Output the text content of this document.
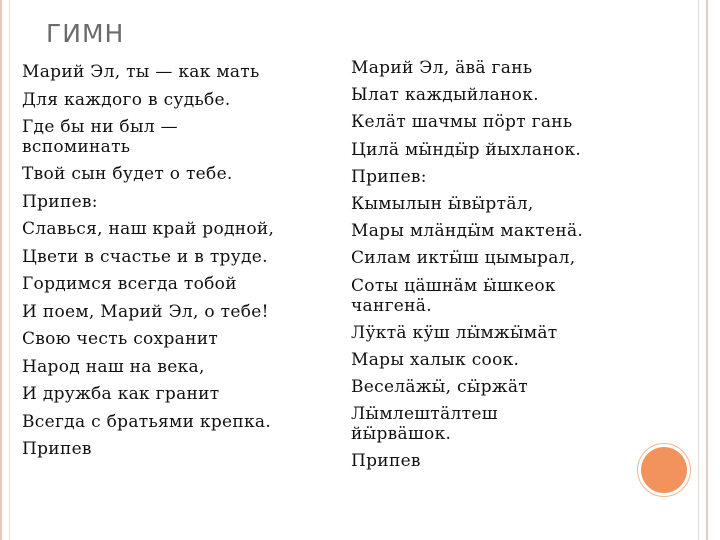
ГИМН
Марий Эл, ты — как мать
Для каждого в судьбе.
Где бы ни был —
вспоминать
Твой сын будет о тебе.
Припев:
Славься, наш край родной,
Цвети в счастье и в труде.
Гордимся всегда тобой
И поем, Марий Эл, о тебе!
Свою честь сохранит
Народ наш на века,
И дружба как гранит
Всегда с братьями крепка.
Припев
Марий Эл, ӓвӓ гань
Ылат каждыйланок.
Келӓт шачмы пӧрт гань
Цилӓ мӹндӹр йыхланок.
Припев:
Кымылын ӹвӹртӓл,
Мары млӓндӹм мактенӓ.
Силам иктӹш цымырал,
Соты цӓшнӓм ӹшкеок
чангенӓ.
Лӱктӓ кӱш лӹмжӹмӓт
Мары халык соок.
Веселӓжӹ, сӹржӓт
Лӹмлештӓлтеш
йӹрвӓшок.
Припев
